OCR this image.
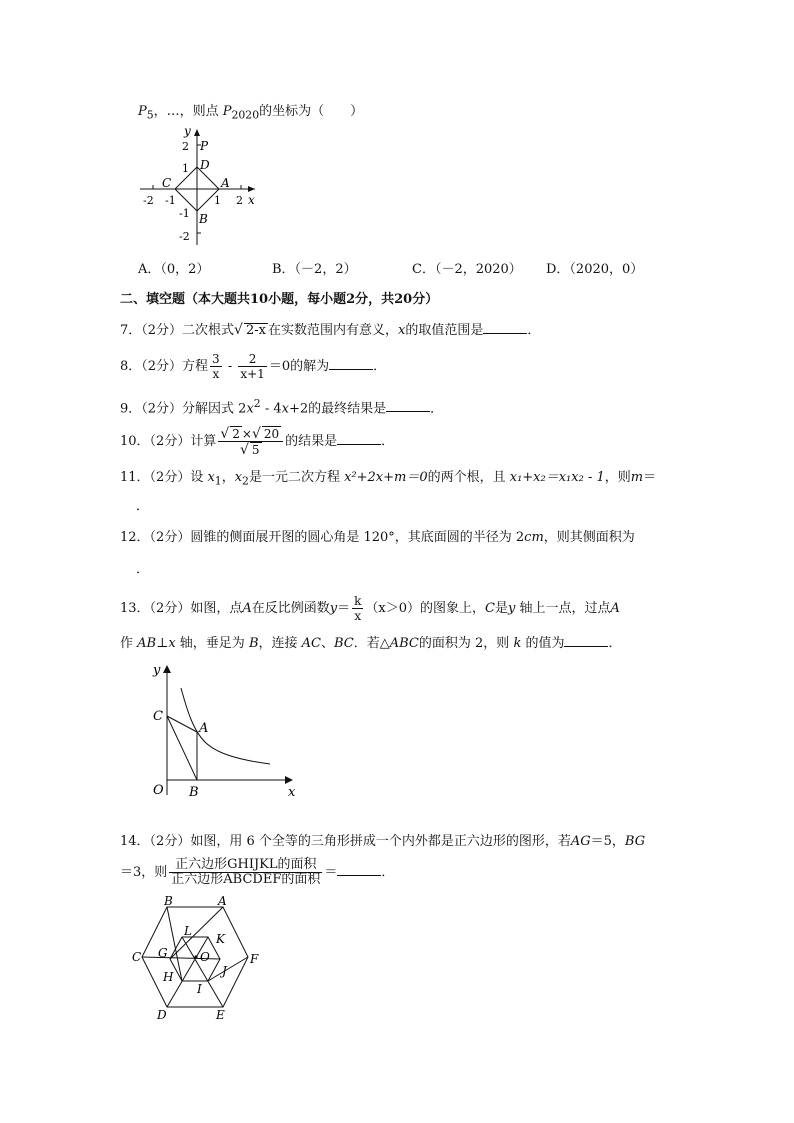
$P_5$，…，则点 $P_{2020}$的坐标为（　　）
y
x
2
1
-1
-2
-2 -1	1 2
P
D
C	A
B
A．（0，2）	B．（－2，2）	C．（－2，2020） D．（2020，0）
二、填空题（本大题共10小题，每小题2分，共20分）
7．（2分）二次根式√ 2-x 在实数范围内有意义，x的取值范围是	．
8．（2分）方程 $\frac{3}{x} - \frac{2}{x+1} =0$的解为	．
9．（2分）分解因式 $2x^2 - 4x+2$的最终结果是	．
10．（2分）计算 $\frac{√ 2 \times√ 20}{√ 5}$ 的结果是	．
11．（2分）设 $x_1$，$x_2$是一元二次方程 x²+2x+m＝0的两个根，且 x₁+x₂＝x₁x₂ - 1，则m＝
．
12．（2分）圆锥的侧面展开图的圆心角是 120°，其底面圆的半径为 2cm，则其侧面积为
．
13．（2分）如图，点A在反比例函数$y= \frac{k}{x} (x>0)$的图象上，C是y 轴上一点，过点A
作 AB⊥x 轴，垂足为 B，连接 AC、BC．若△ABC的面积为 2，则 k 的值为	．
y
C
A
O B	x
14．（2分）如图，用 6 个全等的三角形拼成一个内外都是正六边形的图形，若AG＝5，BG
＝3，则 $\frac{\text{正六边形GHIJKL的面积}}{\text{正六边形ABCDEF的面积}}$ ＝	．
B	A
L
K
G
C	O	F
J
H
I
D	E
